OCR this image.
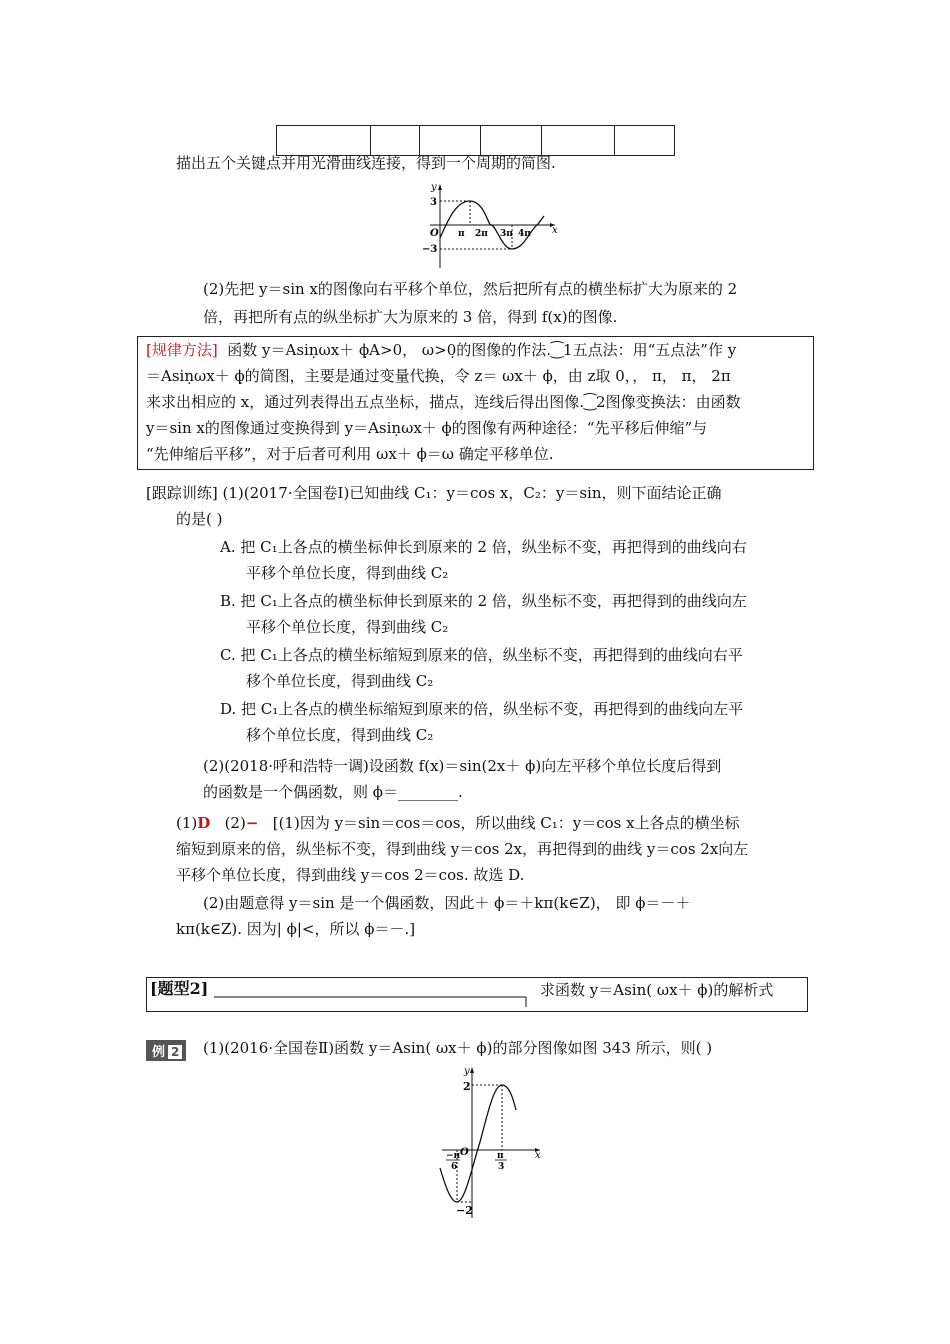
描出五个关键点并用光滑曲线连接，得到一个周期的简图.
y
x
O
3
−3
π 2π 3π 4π
(2)先把 y＝sin x的图像向右平移个单位，然后把所有点的横坐标扩大为原来的 2
倍，再把所有点的纵坐标扩大为原来的 3 倍，得到 f(x)的图像.
[规律方法] 函数 y＝Asiṇωx＋ ϕ̣A>0， ω>0̣的图像的作法.⁐1五点法：用“五点法”作 y
＝Asiṇωx＋ ϕ̣的简图，主要是通过变量代换，令 z＝ ωx＋ ϕ，由 z取 0，， π， π， 2π
来求出相应的 x，通过列表得出五点坐标，描点，连线后得出图像.⁐2图像变换法：由函数
y＝sin x的图像通过变换得到 y＝Asiṇωx＋ ϕ̣的图像有两种途径：“先平移后伸缩”与
“先伸缩后平移”，对于后者可利用 ωx＋ ϕ＝ω 确定平移单位.
[跟踪训练] (1)(2017·全国卷Ⅰ)已知曲线 C₁：y＝cos x，C₂：y＝sin，则下面结论正确
的是( )
A. 把 C₁上各点的横坐标伸长到原来的 2 倍，纵坐标不变，再把得到的曲线向右
平移个单位长度，得到曲线 C₂
B. 把 C₁上各点的横坐标伸长到原来的 2 倍，纵坐标不变，再把得到的曲线向左
平移个单位长度，得到曲线 C₂
C. 把 C₁上各点的横坐标缩短到原来的倍，纵坐标不变，再把得到的曲线向右平
移个单位长度，得到曲线 C₂
D. 把 C₁上各点的横坐标缩短到原来的倍，纵坐标不变，再把得到的曲线向左平
移个单位长度，得到曲线 C₂
(2)(2018·呼和浩特一调)设函数 f(x)＝sin(2x＋ ϕ)向左平移个单位长度后得到
的函数是一个偶函数，则 ϕ＝________.
(1)D (2)− [(1)因为 y＝sin＝cos＝cos，所以曲线 C₁：y＝cos x上各点的横坐标
缩短到原来的倍，纵坐标不变，得到曲线 y＝cos 2x，再把得到的曲线 y＝cos 2x向左
平移个单位长度，得到曲线 y＝cos 2＝cos. 故选 D.
(2)由题意得 y＝sin 是一个偶函数，因此＋ ϕ＝＋kπ(k∈Z)， 即 ϕ＝－＋
kπ(k∈Z). 因为| ϕ|<，所以 ϕ＝－.]
[题型2]	求函数 y＝Asin( ωx＋ ϕ)的解析式
例 2	(1)(2016·全国卷Ⅱ)函数 y＝Asin( ωx＋ ϕ)的部分图像如图 343 所示，则( )
y
x
O
2
−2
−π
6
π
3
